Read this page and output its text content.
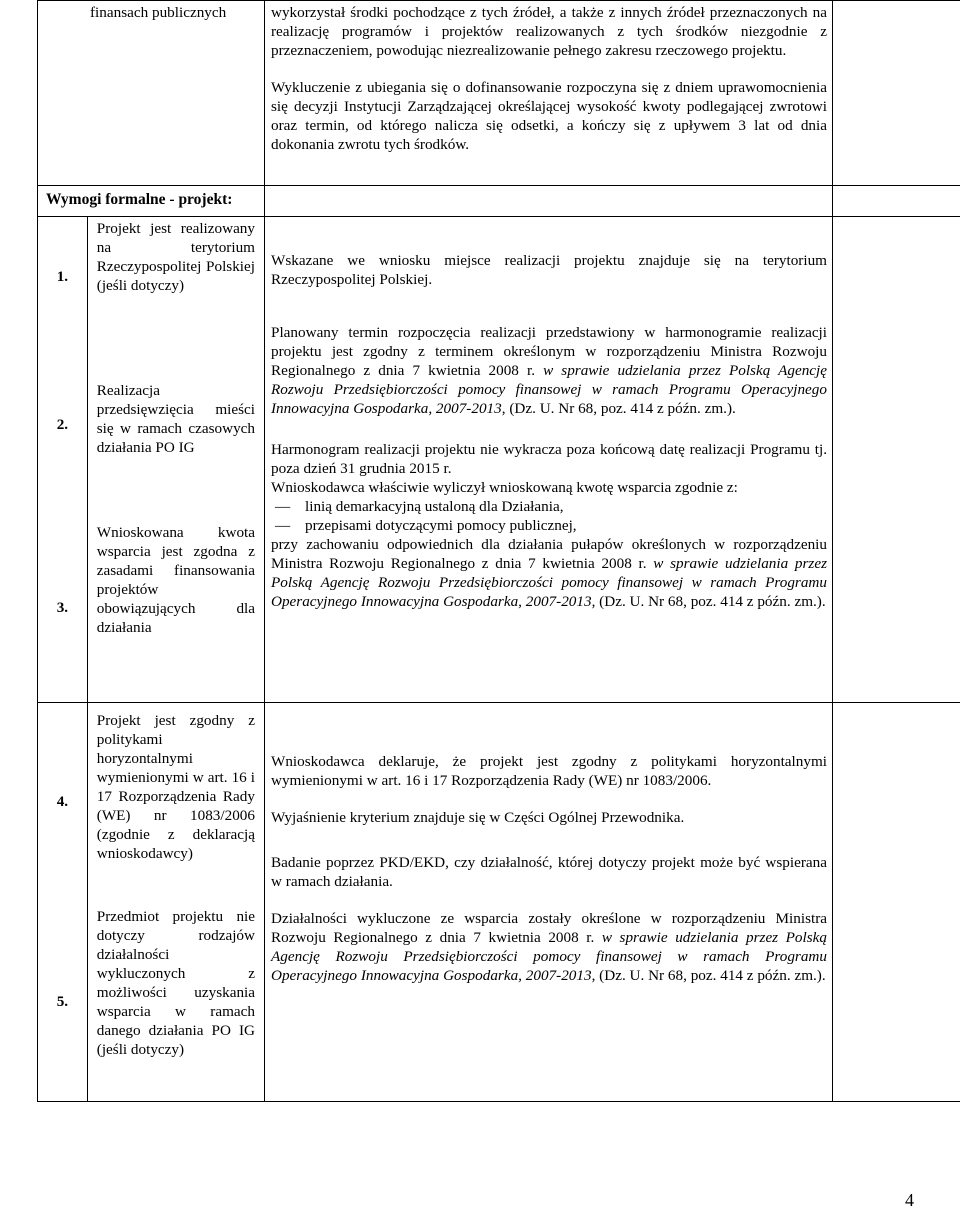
finansach publicznych	wykorzystał środki pochodzące z tych źródeł, a także z innych źródeł przeznaczonych na realizację programów i projektów realizowanych z tych środków niezgodnie z przeznaczeniem, powodując niezrealizowanie pełnego zakresu rzeczowego projektu.

Wykluczenie z ubiegania się o dofinansowanie rozpoczyna się z dniem uprawomocnienia się decyzji Instytucji Zarządzającej określającej wysokość kwoty podlegającej zwrotowi oraz termin, od którego nalicza się odsetki, a kończy się z upływem 3 lat od dnia dokonania zwrotu tych środków.

Wymogi formalne - projekt:
1.
Projekt jest realizowany na terytorium Rzeczypospolitej Polskiej (jeśli dotyczy)
2.
Realizacja przedsięwzięcia mieści się w ramach czasowych działania PO IG
3.
Wnioskowana kwota wsparcia jest zgodna z zasadami finansowania projektów obowiązujących dla działania

Wskazane we wniosku miejsce realizacji projektu znajduje się na terytorium Rzeczypospolitej Polskiej.

Planowany termin rozpoczęcia realizacji przedstawiony w harmonogramie realizacji projektu jest zgodny z terminem określonym w rozporządzeniu Ministra Rozwoju Regionalnego z dnia 7 kwietnia 2008 r. w sprawie udzielania przez Polską Agencję Rozwoju Przedsiębiorczości pomocy finansowej w ramach Programu Operacyjnego Innowacyjna Gospodarka, 2007-2013, (Dz. U. Nr 68, poz. 414 z późn. zm.).

Harmonogram realizacji projektu nie wykracza poza końcową datę realizacji Programu tj. poza dzień 31 grudnia 2015 r.

Wnioskodawca właściwie wyliczył wnioskowaną kwotę wsparcia zgodnie z:

— linią demarkacyjną ustaloną dla Działania,
— przepisami dotyczącymi pomocy publicznej,

przy zachowaniu odpowiednich dla działania pułapów określonych w rozporządzeniu Ministra Rozwoju Regionalnego z dnia 7 kwietnia 2008 r. w sprawie udzielania przez Polską Agencję Rozwoju Przedsiębiorczości pomocy finansowej w ramach Programu Operacyjnego Innowacyjna Gospodarka, 2007-2013, (Dz. U. Nr 68, poz. 414 z późn. zm.).

4.
Projekt jest zgodny z politykami horyzontalnymi wymienionymi w art. 16 i 17 Rozporządzenia Rady (WE) nr 1083/2006 (zgodnie z deklaracją wnioskodawcy)
5.
Przedmiot projektu nie dotyczy rodzajów działalności wykluczonych z możliwości uzyskania wsparcia w ramach danego działania PO IG (jeśli dotyczy)

Wnioskodawca deklaruje, że projekt jest zgodny z politykami horyzontalnymi wymienionymi w art. 16 i 17 Rozporządzenia Rady (WE) nr 1083/2006.

Wyjaśnienie kryterium znajduje się w Części Ogólnej Przewodnika.

Badanie poprzez PKD/EKD, czy działalność, której dotyczy projekt może być wspierana w ramach działania.

Działalności wykluczone ze wsparcia zostały określone w rozporządzeniu Ministra Rozwoju Regionalnego z dnia 7 kwietnia 2008 r. w sprawie udzielania przez Polską Agencję Rozwoju Przedsiębiorczości pomocy finansowej w ramach Programu Operacyjnego Innowacyjna Gospodarka, 2007-2013, (Dz. U. Nr 68, poz. 414 z późn. zm.).

4
